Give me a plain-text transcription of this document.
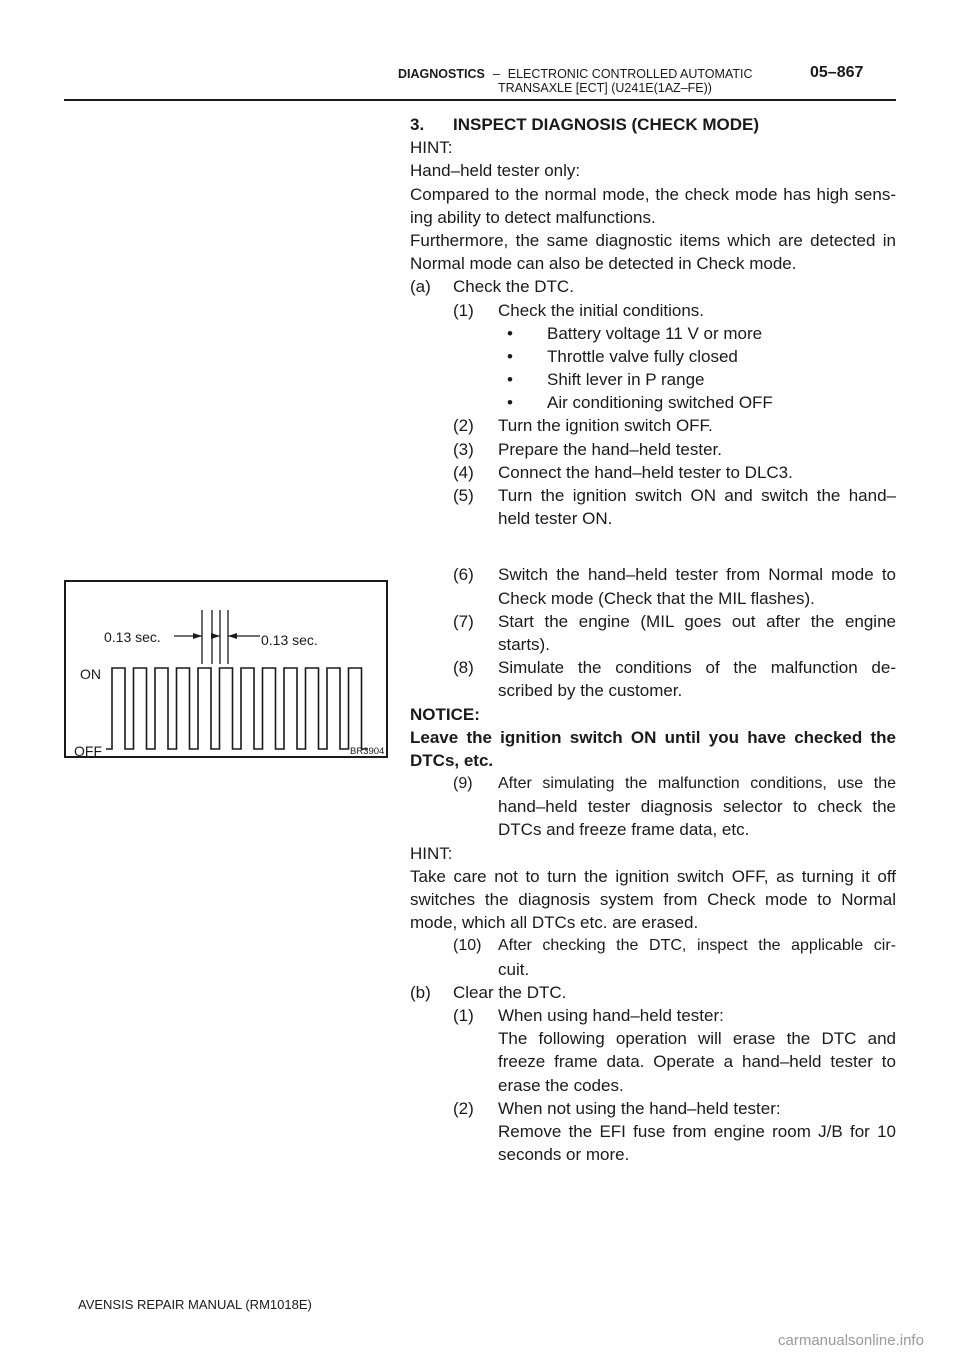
DIAGNOSTICS – ELECTRONIC CONTROLLED AUTOMATIC
TRANSAXLE [ECT] (U241E(1AZ–FE))
05–867
0.13 sec.	0.13 sec.
ON
OFF	BR3904
3. INSPECT DIAGNOSIS (CHECK MODE)
HINT:
Hand–held tester only:
Compared to the normal mode, the check mode has high sens-
ing ability to detect malfunctions.
Furthermore, the same diagnostic items which are detected in
Normal mode can also be detected in Check mode.
(a) Check the DTC.
(1) Check the initial conditions.
• Battery voltage 11 V or more
• Throttle valve fully closed
• Shift lever in P range
• Air conditioning switched OFF
(2) Turn the ignition switch OFF.
(3) Prepare the hand–held tester.
(4) Connect the hand–held tester to DLC3.
(5) Turn the ignition switch ON and switch the hand–
held tester ON.
(6) Switch the hand–held tester from Normal mode to
Check mode (Check that the MIL flashes).
(7) Start the engine (MIL goes out after the engine
starts).
(8) Simulate the conditions of the malfunction de-
scribed by the customer.
NOTICE:
Leave the ignition switch ON until you have checked the
DTCs, etc.
(9) After simulating the malfunction conditions, use the
hand–held tester diagnosis selector to check the
DTCs and freeze frame data, etc.
HINT:
Take care not to turn the ignition switch OFF, as turning it off
switches the diagnosis system from Check mode to Normal
mode, which all DTCs etc. are erased.
(10) After checking the DTC, inspect the applicable cir-
cuit.
(b) Clear the DTC.
(1) When using hand–held tester:
The following operation will erase the DTC and
freeze frame data. Operate a hand–held tester to
erase the codes.
(2) When not using the hand–held tester:
Remove the EFI fuse from engine room J/B for 10
seconds or more.
AVENSIS REPAIR MANUAL (RM1018E)
carmanualsonline.info
